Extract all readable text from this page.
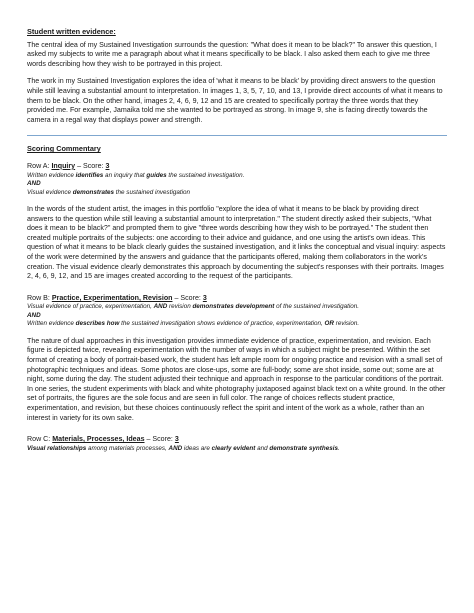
Student written evidence:

The central idea of my Sustained Investigation surrounds the question: "What does it mean to be black?" To answer this question, I asked my subjects to write me a paragraph about what it means specifically to be black. I also asked them each to give me three words describing how they wish to be portrayed in this project.

The work in my Sustained Investigation explores the idea of 'what it means to be black' by providing direct answers to the question while still leaving a substantial amount to interpretation. In images 1, 3, 5, 7, 10, and 13, I provide direct accounts of what it means to them to be black. On the other hand, images 2, 4, 6, 9, 12 and 15 are created to specifically portray the three words that they provided me. For example, Jamaika told me she wanted to be portrayed as strong. In image 9, she is facing directly towards the camera in a regal way that displays power and strength.

Scoring Commentary

Row A: Inquiry – Score: 3

Written evidence identifies an inquiry that guides the sustained investigation.

AND

Visual evidence demonstrates the sustained investigation

In the words of the student artist, the images in this portfolio "explore the idea of what it means to be black by providing direct answers to the question while still leaving a substantial amount to interpretation." The student directly asked their subjects, "What does it mean to be black?" and prompted them to give "three words describing how they wish to be portrayed." The student then created multiple portraits of the subjects: one according to their advice and guidance, and one using the artist's own ideas. This question of what it means to be black clearly guides the sustained investigation, and it links the conceptual and visual inquiry: aspects of the work were determined by the answers and guidance that the participants offered, making them collaborators in the work's creation. The visual evidence clearly demonstrates this approach by documenting the subject's responses with their portraits. Images 2, 4, 6, 9, 12, and 15 are images created according to the request of the participants.

Row B: Practice, Experimentation, Revision – Score: 3

Visual evidence of practice, experimentation, AND revision demonstrates development of the sustained investigation.

AND

Written evidence describes how the sustained investigation shows evidence of practice, experimentation, OR revision.

The nature of dual approaches in this investigation provides immediate evidence of practice, experimentation, and revision. Each figure is depicted twice, revealing experimentation with the number of ways in which a subject might be presented. Within the set format of creating a body of portrait-based work, the student has left ample room for ongoing practice and revision with a small set of photographic techniques and ideas. Some photos are close-ups, some are full-body; some are shot inside, some out; some are at night, some during the day. The student adjusted their technique and approach in response to the particular conditions of the portrait. In one series, the student experiments with black and white photography juxtaposed against black text on a white ground. In the other set of portraits, the figures are the sole focus and are seen in full color. The range of choices reflects student practice, experimentation, and revision, but these choices continuously reflect the spirit and intent of the work as a whole, rather than an interest in variety for its own sake.

Row C: Materials, Processes, Ideas – Score: 3

Visual relationships among materials processes, AND ideas are clearly evident and demonstrate synthesis.
